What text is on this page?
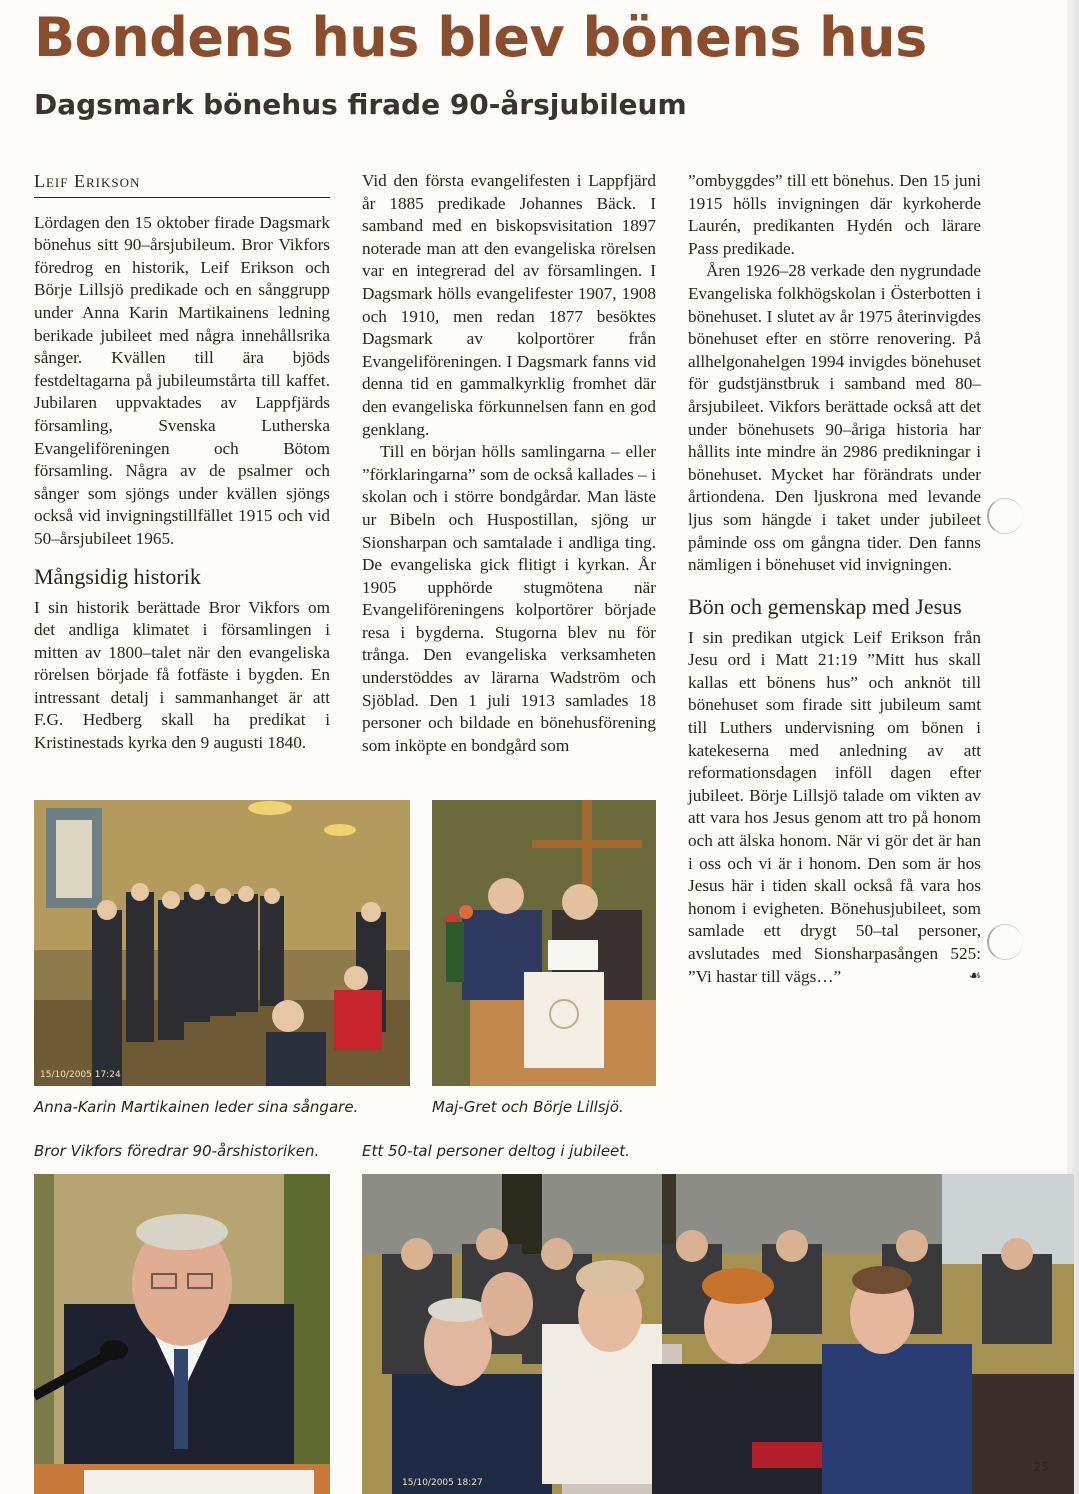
Bondens hus blev bönens hus
Dagsmark bönehus firade 90-årsjubileum
Leif Erikson

Lördagen den 15 oktober firade Dagsmark bönehus sitt 90–årsjubileum. Bror Vikfors föredrog en historik, Leif Erikson och Börje Lillsjö predikade och en sånggrupp under Anna Karin Martikainens ledning berikade jubileet med några innehållsrika sånger. Kvällen till ära bjöds festdeltagarna på jubileumstårta till kaffet. Jubilaren uppvaktades av Lappfjärds församling, Svenska Lutherska Evangeliföreningen och Bötom församling. Några av de psalmer och sånger som sjöngs under kvällen sjöngs också vid invigningstillfället 1915 och vid 50–årsjubileet 1965.

Mångsidig historik

I sin historik berättade Bror Vikfors om det andliga klimatet i församlingen i mitten av 1800–talet när den evangeliska rörelsen började få fotfäste i bygden. En intressant detalj i sammanhanget är att F.G. Hedberg skall ha predikat i Kristinestads kyrka den 9 augusti 1840.

Vid den första evangelifesten i Lappfjärd år 1885 predikade Johannes Bäck. I samband med en biskopsvisitation 1897 noterade man att den evangeliska rörelsen var en integrerad del av församlingen. I Dagsmark hölls evangelifester 1907, 1908 och 1910, men redan 1877 besöktes Dagsmark av kolportörer från Evangeliföreningen. I Dagsmark fanns vid denna tid en gammalkyrklig fromhet där den evangeliska förkunnelsen fann en god genklang.

Till en början hölls samlingarna – eller ”förklaringarna” som de också kallades – i skolan och i större bondgårdar. Man läste ur Bibeln och Huspostillan, sjöng ur Sionsharpan och samtalade i andliga ting. De evangeliska gick flitigt i kyrkan. År 1905 upphörde stugmötena när Evangeliföreningens kolportörer började resa i bygderna. Stugorna blev nu för trånga. Den evangeliska verksamheten understöddes av lärarna Wadström och Sjöblad. Den 1 juli 1913 samlades 18 personer och bildade en bönehusförening som inköpte en bondgård som

”ombyggdes” till ett bönehus. Den 15 juni 1915 hölls invigningen där kyrkoherde Laurén, predikanten Hydén och lärare Pass predikade.

Åren 1926–28 verkade den nygrundade Evangeliska folkhögskolan i Österbotten i bönehuset. I slutet av år 1975 återinvigdes bönehuset efter en större renovering. På allhelgonahelgen 1994 invigdes bönehuset för gudstjänstbruk i samband med 80–årsjubileet. Vikfors berättade också att det under bönehusets 90–åriga historia har hållits inte mindre än 2986 predikningar i bönehuset. Mycket har förändrats under årtiondena. Den ljuskrona med levande ljus som hängde i taket under jubileet påminde oss om gångna tider. Den fanns nämligen i bönehuset vid invigningen.

Bön och gemenskap med Jesus

I sin predikan utgick Leif Erikson från Jesu ord i Matt 21:19 ”Mitt hus skall kallas ett bönens hus” och anknöt till bönehuset som firade sitt jubileum samt till Luthers undervisning om bönen i katekeserna med anledning av att reformationsdagen inföll dagen efter jubileet. Börje Lillsjö talade om vikten av att vara hos Jesus genom att tro på honom och att älska honom. När vi gör det är han i oss och vi är i honom. Den som är hos Jesus här i tiden skall också få vara hos honom i evigheten. Bönehusjubileet, som samlade ett drygt 50–tal personer, avslutades med Sionsharpasången 525: ”Vi hastar till vägs…”	☙

15/10/2005 17:24
Anna-Karin Martikainen leder sina sångare.	Maj-Gret och Börje Lillsjö.
Bror Vikfors föredrar 90-årshistoriken.	Ett 50-tal personer deltog i jubileet.
15/10/2005 18:27
25
